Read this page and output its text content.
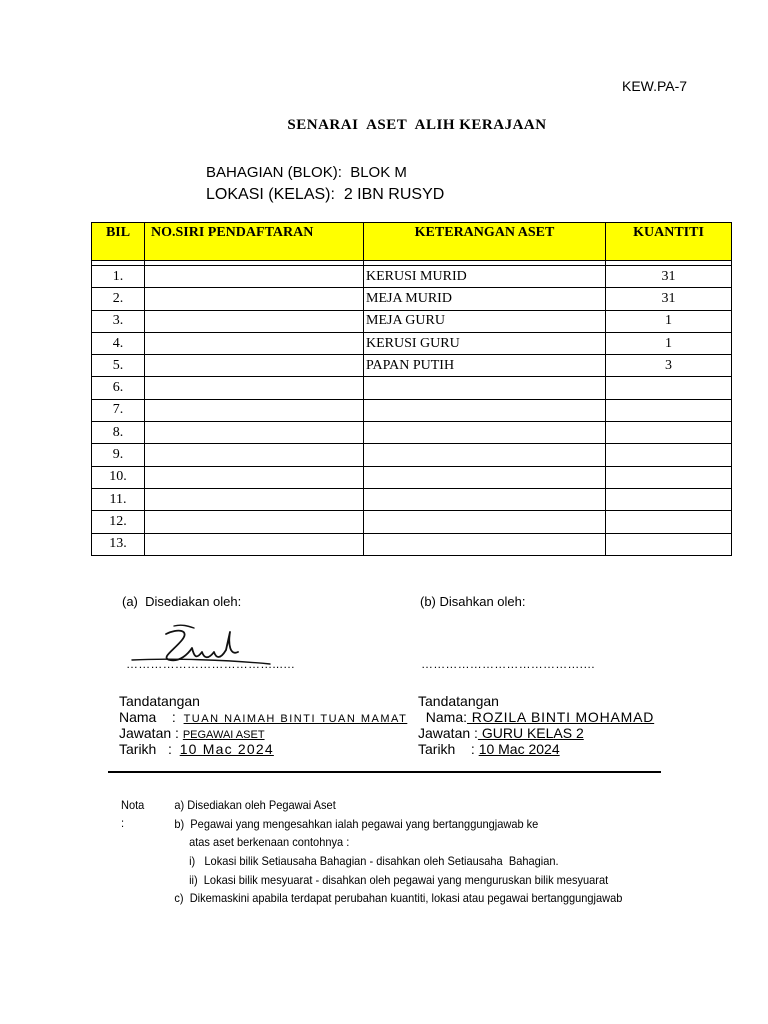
KEW.PA-7
SENARAI  ASET  ALIH KERAJAAN
BAHAGIAN (BLOK):  BLOK M
LOKASI (KELAS):  2 IBN RUSYD
BIL	NO.SIRI PENDAFTARAN	KETERANGAN ASET	KUANTITI

1.		KERUSI MURID	31
2.		MEJA MURID	31
3.		MEJA GURU	1
4.		KERUSI GURU	1
5.		PAPAN PUTIH	3
6.			
7.			
8.			
9.			
10.			
11.			
12.			
13.			
(a)  Disediakan oleh:	(b) Disahkan oleh:
………………………………...…	………………………………….…
Tandatangan
Nama    : TUAN NAIMAH BINTI TUAN MAMAT
Jawatan : PEGAWAI ASET
Tarikh   : 10 Mac 2024
Tandatangan
Nama: ROZILA BINTI MOHAMAD
Jawatan : GURU KELAS 2
Tarikh    : 10 Mac 2024
Nota :
a) Disediakan oleh Pegawai Aset
b)  Pegawai yang mengesahkan ialah pegawai yang bertanggungjawab ke
atas aset berkenaan contohnya :
i)   Lokasi bilik Setiausaha Bahagian - disahkan oleh Setiausaha  Bahagian.
ii)  Lokasi bilik mesyuarat - disahkan oleh pegawai yang menguruskan bilik mesyuarat
c)  Dikemaskini apabila terdapat perubahan kuantiti, lokasi atau pegawai bertanggungjawab
